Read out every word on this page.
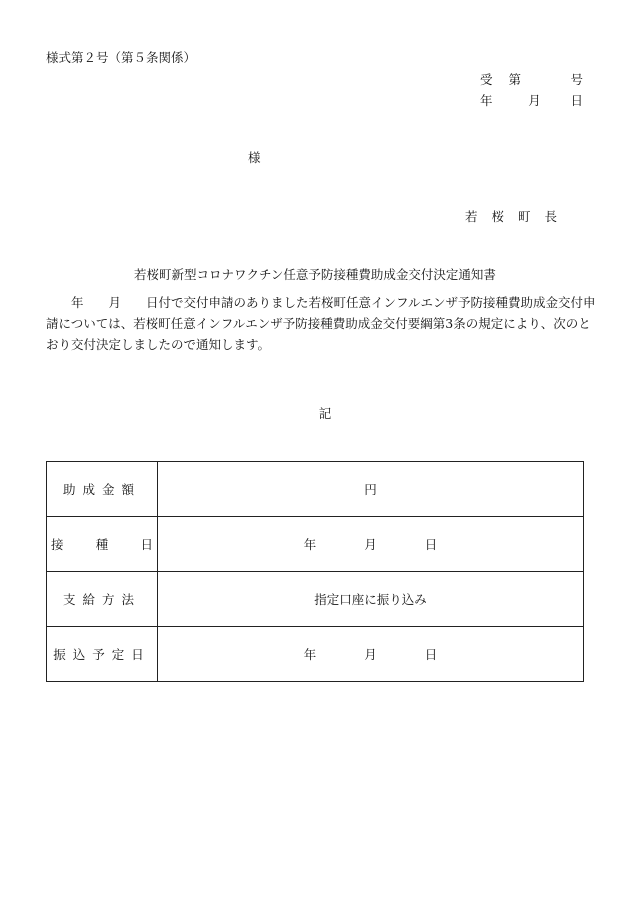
様式第２号（第５条関係）
受 第	号
年 月 日
様
若 桜 町 長
若桜町新型コロナワクチン任意予防接種費助成金交付決定通知書
　　年　　月　　日付で交付申請のありました若桜町任意インフルエンザ予防接種費助成金交付申
請については、若桜町任意インフルエンザ予防接種費助成金交付要綱第3条の規定により、次のと
おり交付決定しましたので通知します。
記
助成金額	円

接種日	年 月 日
支給方法	指定口座に振り込み
振込予定日	年 月 日
